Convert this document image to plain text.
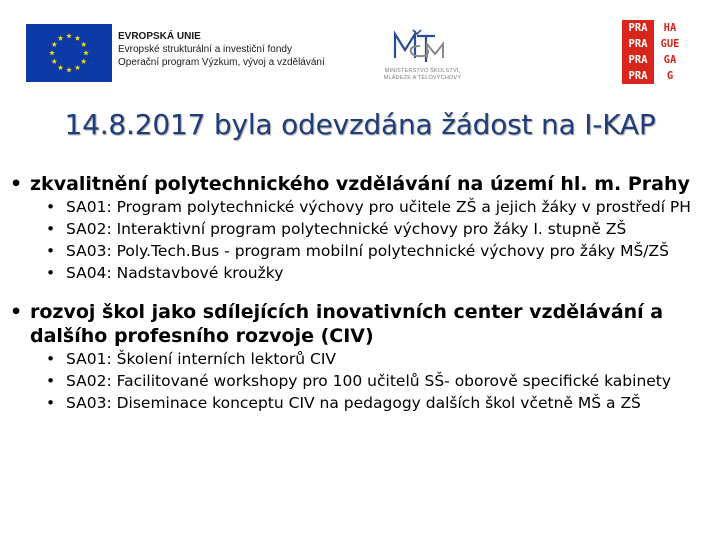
EVROPSKÁ UNIE
Evropské strukturální a investiční fondy
Operační program Výzkum, vývoj a vzdělávání
MINISTERSTVO ŠKOLSTVÍ,
MLÁDEŽE A TĚLOVÝCHOVY
PRA	HA
PRA	GUE
PRA	GA
PRA	G
14.8.2017 byla odevzdána žádost na I-KAP
• zkvalitnění polytechnického vzdělávání na území hl. m. Prahy
• SA01: Program polytechnické výchovy pro učitele ZŠ a jejich žáky v prostředí PH
• SA02: Interaktivní program polytechnické výchovy pro žáky I. stupně ZŠ
• SA03: Poly.Tech.Bus - program mobilní polytechnické výchovy pro žáky MŠ/ZŠ
• SA04: Nadstavbové kroužky
• rozvoj škol jako sdílejících inovativních center vzdělávání a dalšího profesního rozvoje (CIV)
• SA01: Školení interních lektorů CIV
• SA02: Facilitované workshopy pro 100 učitelů SŠ- oborově specifické kabinety
• SA03: Diseminace konceptu CIV na pedagogy dalších škol včetně MŠ a ZŠ
